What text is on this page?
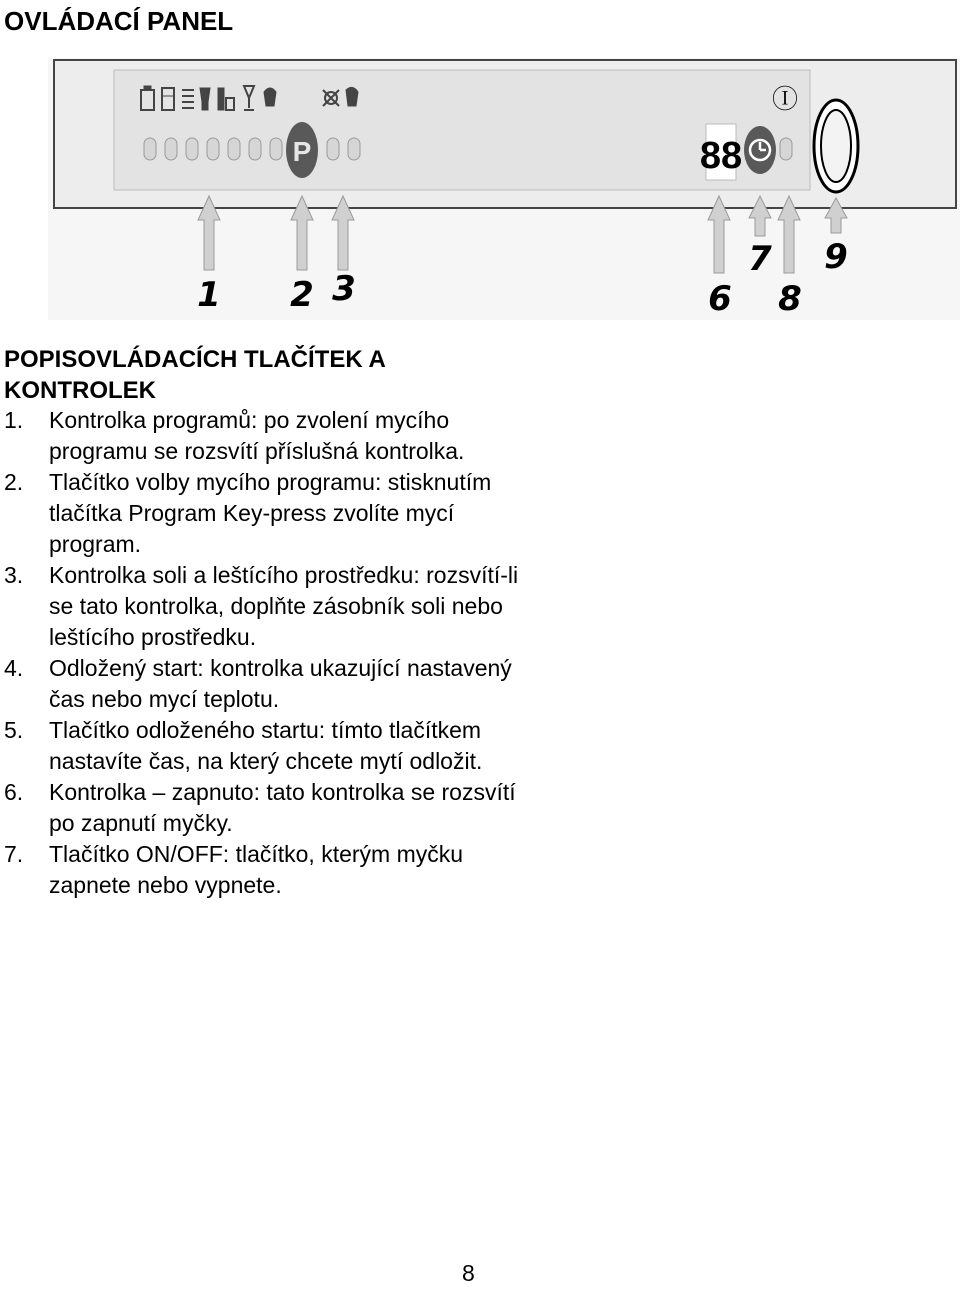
OVLÁDACÍ PANEL
P	88
Ⓘ
1 2 3	6
7
8
9
POPISOVLÁDACÍCH TLAČÍTEK A KONTROLEK
1. Kontrolka programů: po zvolení mycího programu se rozsvítí příslušná kontrolka.
2. Tlačítko volby mycího programu: stisknutím tlačítka Program Key-press zvolíte mycí program.
3. Kontrolka soli a leštícího prostředku: rozsvítí-li se tato kontrolka, doplňte zásobník soli nebo leštícího prostředku.
4. Odložený start: kontrolka ukazující nastavený čas nebo mycí teplotu.
5. Tlačítko odloženého startu: tímto tlačítkem nastavíte čas, na který chcete mytí odložit.
6. Kontrolka – zapnuto: tato kontrolka se rozsvítí po zapnutí myčky.
7. Tlačítko ON/OFF: tlačítko, kterým myčku zapnete nebo vypnete.
8
